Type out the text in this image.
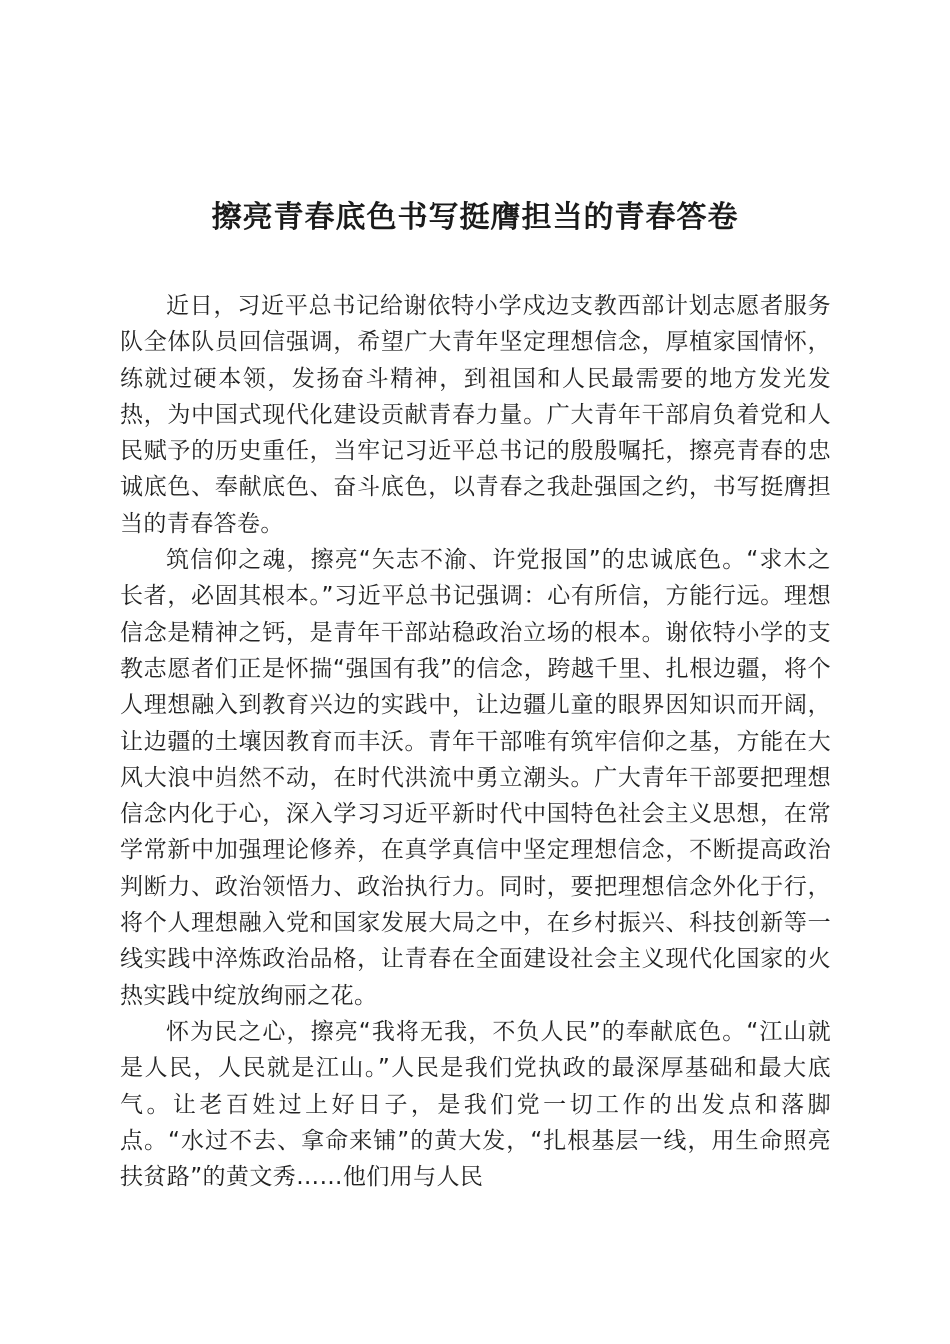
擦亮青春底色书写挺膺担当的青春答卷

近日，习近平总书记给谢依特小学戍边支教西部计划志愿者服务队全体队员回信强调，希望广大青年坚定理想信念，厚植家国情怀，练就过硬本领，发扬奋斗精神，到祖国和人民最需要的地方发光发热，为中国式现代化建设贡献青春力量。广大青年干部肩负着党和人民赋予的历史重任，当牢记习近平总书记的殷殷嘱托，擦亮青春的忠诚底色、奉献底色、奋斗底色，以青春之我赴强国之约，书写挺膺担当的青春答卷。

筑信仰之魂，擦亮“矢志不渝、许党报国”的忠诚底色。“求木之长者，必固其根本。”习近平总书记强调：心有所信，方能行远。理想信念是精神之钙，是青年干部站稳政治立场的根本。谢依特小学的支教志愿者们正是怀揣“强国有我”的信念，跨越千里、扎根边疆，将个人理想融入到教育兴边的实践中，让边疆儿童的眼界因知识而开阔，让边疆的土壤因教育而丰沃。青年干部唯有筑牢信仰之基，方能在大风大浪中岿然不动，在时代洪流中勇立潮头。广大青年干部要把理想信念内化于心，深入学习习近平新时代中国特色社会主义思想，在常学常新中加强理论修养，在真学真信中坚定理想信念，不断提高政治判断力、政治领悟力、政治执行力。同时，要把理想信念外化于行，将个人理想融入党和国家发展大局之中，在乡村振兴、科技创新等一线实践中淬炼政治品格，让青春在全面建设社会主义现代化国家的火热实践中绽放绚丽之花。

怀为民之心，擦亮“我将无我，不负人民”的奉献底色。“江山就是人民，人民就是江山。”人民是我们党执政的最深厚基础和最大底气。让老百姓过上好日子，是我们党一切工作的出发点和落脚点。“水过不去、拿命来铺”的黄大发，“扎根基层一线，用生命照亮扶贫路”的黄文秀……他们用与人民
